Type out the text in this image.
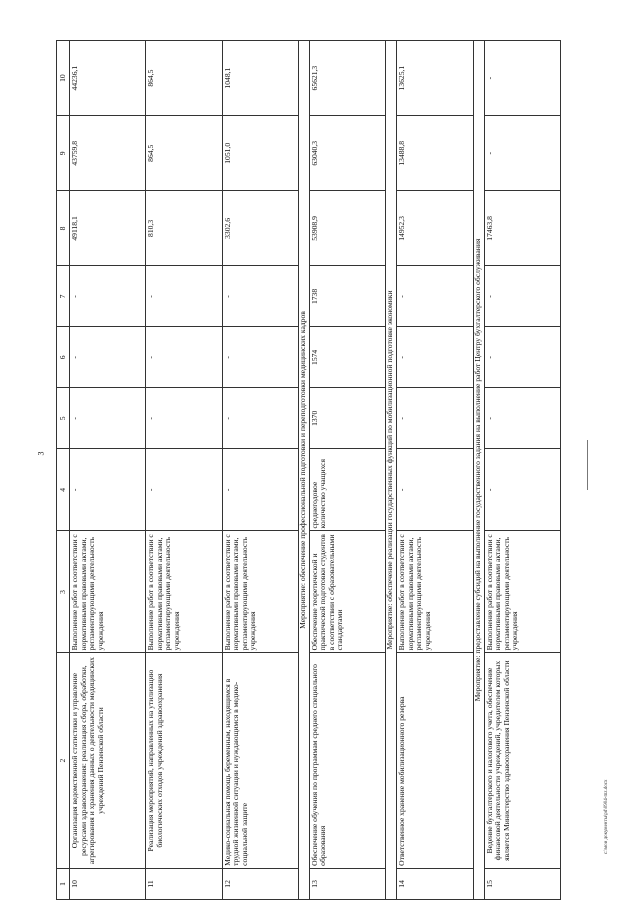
3
1	2	3	4	5	6	7	8	9	10
10	Организация ведомственной статистики и управление ресурсами здравоохранения: реализация сбора, обработки, агрегирования и хранения данных о деятельности медицинских учреждений Пензенской области	Выполнение работ в соответствии с нормативными правовыми актами, регламентирующими деятельность учреждения	-	-	-	-	49118,1	43759,8	44236,1
11	Реализация мероприятий, направленных на утилизацию биологических отходов учреждений здравоохранения	Выполнение работ в соответствии с нормативными правовыми актами, регламентирующими деятельность учреждения	-	-	-	-	810,3	864,5	864,5
12	Медико-социальная помощь беременным, находящимся в трудной жизненной ситуации и нуждающимся в медико-социальной защите	Выполнение работ в соответствии с нормативными правовыми актами, регламентирующими деятельность учреждения	-	-	-	-	3302,6	1051,0	1048,1
Мероприятие: обеспечение профессиональной подготовки и переподготовки медицинских кадров									
13	Обеспечение обучения по программам среднего специального образования	Обеспечение теоретической и практической подготовки студентов в соответствии с образовательными стандартами	среднегодовое количество учащихся	1370	1574	1738	53908,9	63040,3	65621,3
Мероприятие: обеспечение реализации государственных функций по мобилизационной подготовке экономики									
14	Ответственное хранение мобилизационного резерва	Выполнение работ в соответствии с нормативными правовыми актами, регламентирующими деятельность учреждения	-	-	-	-	14952,3	13488,8	13625,1
Мероприятие: предоставление субсидий на выполнение государственного задания на выполнение работ Центру бухгалтерского обслуживания									
15	Ведение бухгалтерского и налогового учета, обеспечение финансовой деятельности учреждений, учредителем которых является Министерство здравоохранения Пензенской области	Выполнение работ в соответствии с нормативными правовыми актами, регламентирующими деятельность учреждения	-	-	-	-	17463,8	-	-
c:\мои документы\pd\0904-mz.docx
